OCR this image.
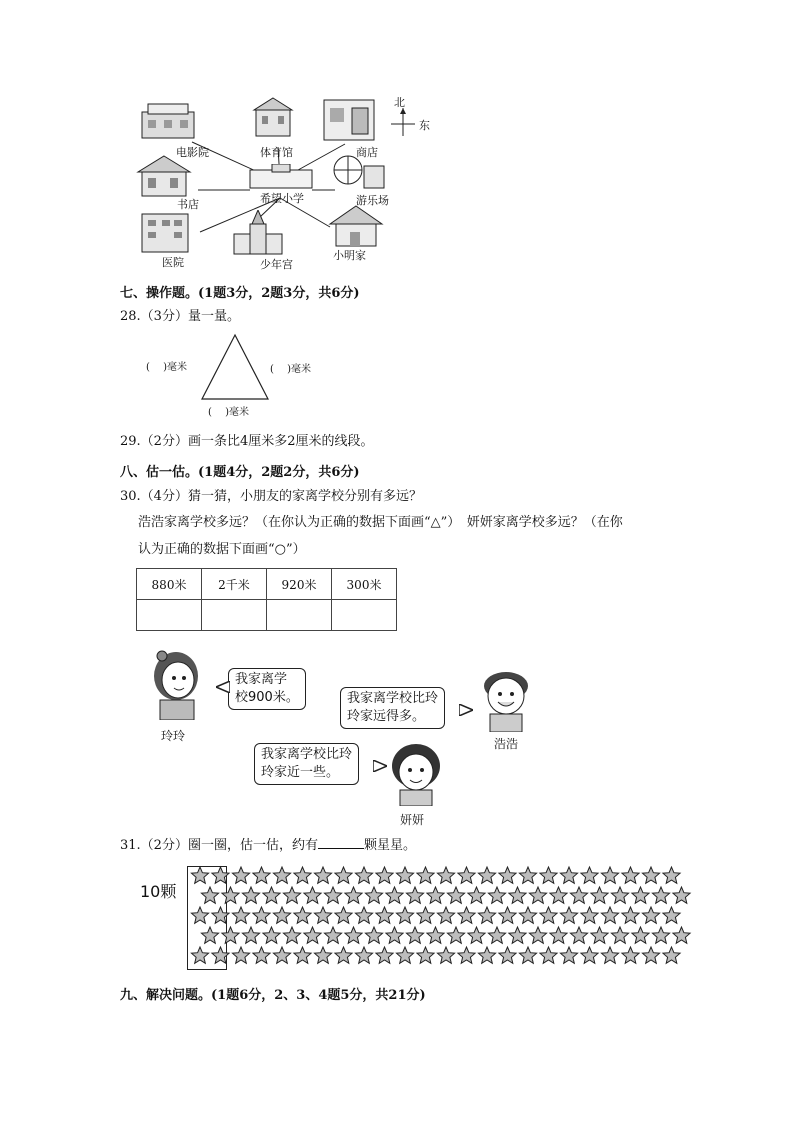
电影院	体育馆	商店
北
东
书店	希望小学	游乐场
医院	少年宫
小明家
七、操作题。(1题3分，2题3分，共6分)
28.（3分）量一量。
(　 )毫米	(　 )毫米
(　 )毫米
29.（2分）画一条比4厘米多2厘米的线段。
八、估一估。(1题4分，2题2分，共6分)
30.（4分）猜一猜，小朋友的家离学校分别有多远？
浩浩家离学校多远？（在你认为正确的数据下面画“△”）　妍妍家离学校多远？（在你
认为正确的数据下面画“○”）
880米	2千米	920米	300米

玲玲
我家离学
校900米。	我家离学校比玲
玲家远得多。
浩浩
我家离学校比玲
玲家近一些。
妍妍
31.（2分）圈一圈，估一估，约有	颗星星。
10颗
九、解决问题。(1题6分，2、3、4题5分，共21分)
